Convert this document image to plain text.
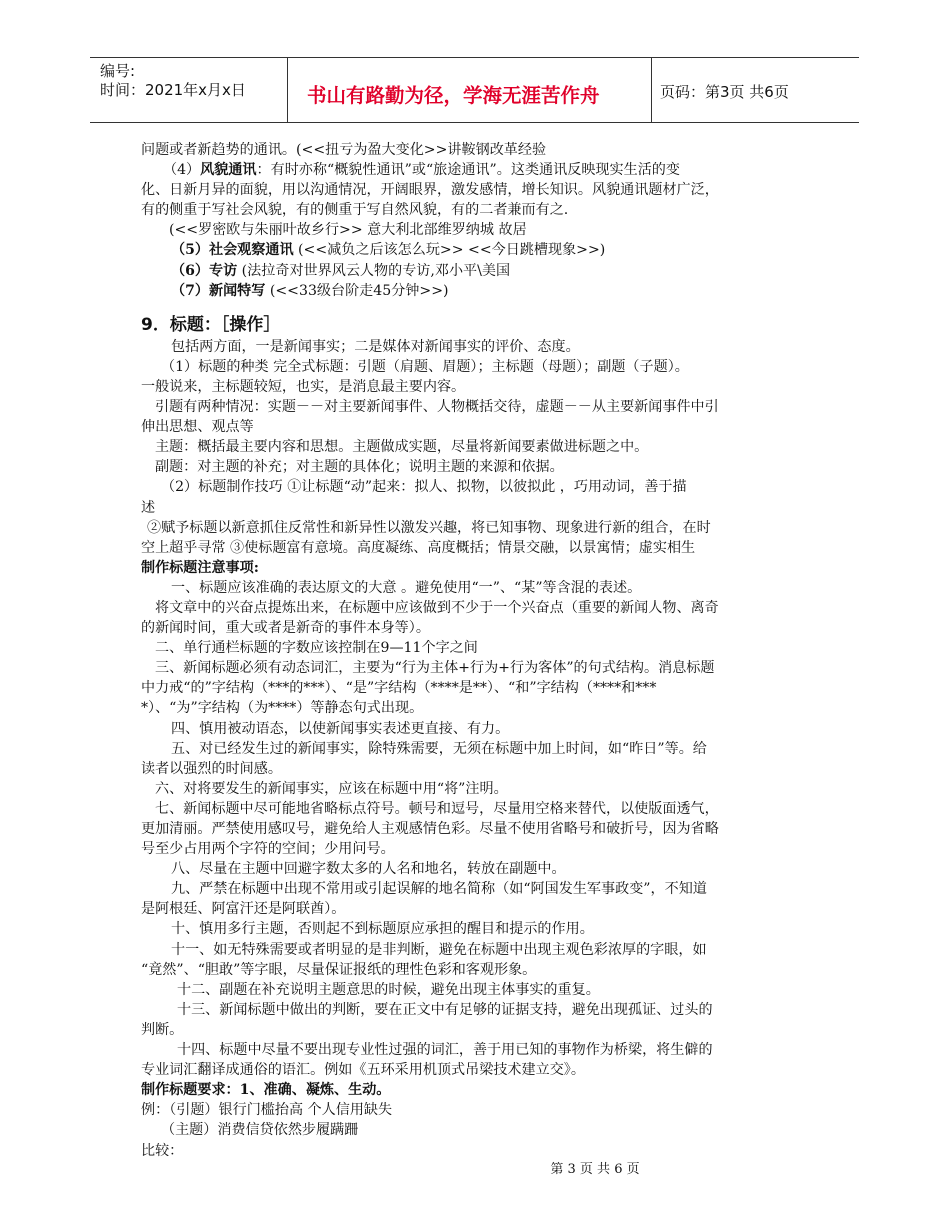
编号:
时间：2021年x月x日	书山有路勤为径，学海无涯苦作舟	页码：第3页 共6页
问题或者新趋势的通讯。(<<扭亏为盈大变化>>讲鞍钢改革经验
（4）风貌通讯：有时亦称“概貌性通讯”或“旅途通讯”。这类通讯反映现实生活的变
化、日新月异的面貌，用以沟通情况，开阔眼界，激发感情，增长知识。风貌通讯题材广泛，
有的侧重于写社会风貌，有的侧重于写自然风貌，有的二者兼而有之.
(<<罗密欧与朱丽叶故乡行>> 意大利北部维罗纳城 故居
（5）社会观察通讯 (<<减负之后该怎么玩>> <<今日跳槽现象>>)
（6）专访 (法拉奇对世界风云人物的专访,邓小平\美国
（7）新闻特写 (<<33级台阶走45分钟>>)
9．标题：［操作］
包括两方面，一是新闻事实；二是媒体对新闻事实的评价、态度。
（1）标题的种类 完全式标题：引题（肩题、眉题）；主标题（母题）；副题（子题）。
一般说来，主标题较短，也实，是消息最主要内容。
引题有两种情况：实题－－对主要新闻事件、人物概括交待，虚题－－从主要新闻事件中引
伸出思想、观点等
主题：概括最主要内容和思想。主题做成实题，尽量将新闻要素做进标题之中。
副题：对主题的补充；对主题的具体化；说明主题的来源和依据。
（2）标题制作技巧 ①让标题“动”起来：拟人、拟物，以彼拟此 ，巧用动词，善于描
述
②赋予标题以新意抓住反常性和新异性以激发兴趣，将已知事物、现象进行新的组合，在时
空上超乎寻常 ③使标题富有意境。高度凝练、高度概括；情景交融，以景寓情；虚实相生
制作标题注意事项:
一、标题应该准确的表达原文的大意 。避免使用“一”、“某”等含混的表述。
将文章中的兴奋点提炼出来，在标题中应该做到不少于一个兴奋点（重要的新闻人物、离奇
的新闻时间，重大或者是新奇的事件本身等）。
二、单行通栏标题的字数应该控制在9—11个字之间
三、新闻标题必须有动态词汇，主要为“行为主体+行为+行为客体”的句式结构。消息标题
中力戒“的”字结构（***的***）、“是”字结构（****是**）、“和”字结构（****和***
*）、“为”字结构（为****）等静态句式出现。
四、慎用被动语态，以使新闻事实表述更直接、有力。
五、对已经发生过的新闻事实，除特殊需要，无须在标题中加上时间，如“昨日”等。给
读者以强烈的时间感。
六、对将要发生的新闻事实，应该在标题中用“将”注明。
七、新闻标题中尽可能地省略标点符号。顿号和逗号，尽量用空格来替代，以使版面透气，
更加清丽。严禁使用感叹号，避免给人主观感情色彩。尽量不使用省略号和破折号，因为省略
号至少占用两个字符的空间；少用问号。
八、尽量在主题中回避字数太多的人名和地名，转放在副题中。
九、严禁在标题中出现不常用或引起误解的地名简称（如“阿国发生军事政变”，不知道
是阿根廷、阿富汗还是阿联酋）。
十、慎用多行主题，否则起不到标题原应承担的醒目和提示的作用。
十一、如无特殊需要或者明显的是非判断，避免在标题中出现主观色彩浓厚的字眼，如
“竟然”、“胆敢”等字眼，尽量保证报纸的理性色彩和客观形象。
十二、副题在补充说明主题意思的时候，避免出现主体事实的重复。
十三、新闻标题中做出的判断，要在正文中有足够的证据支持，避免出现孤证、过头的
判断。
十四、标题中尽量不要出现专业性过强的词汇，善于用已知的事物作为桥梁，将生僻的
专业词汇翻译成通俗的语汇。例如《五环采用机顶式吊梁技术建立交》。
制作标题要求：1、准确、凝炼、生动。
例：（引题）银行门槛抬高 个人信用缺失
（主题）消费信贷依然步履蹒跚
比较：
第 3 页 共 6 页
